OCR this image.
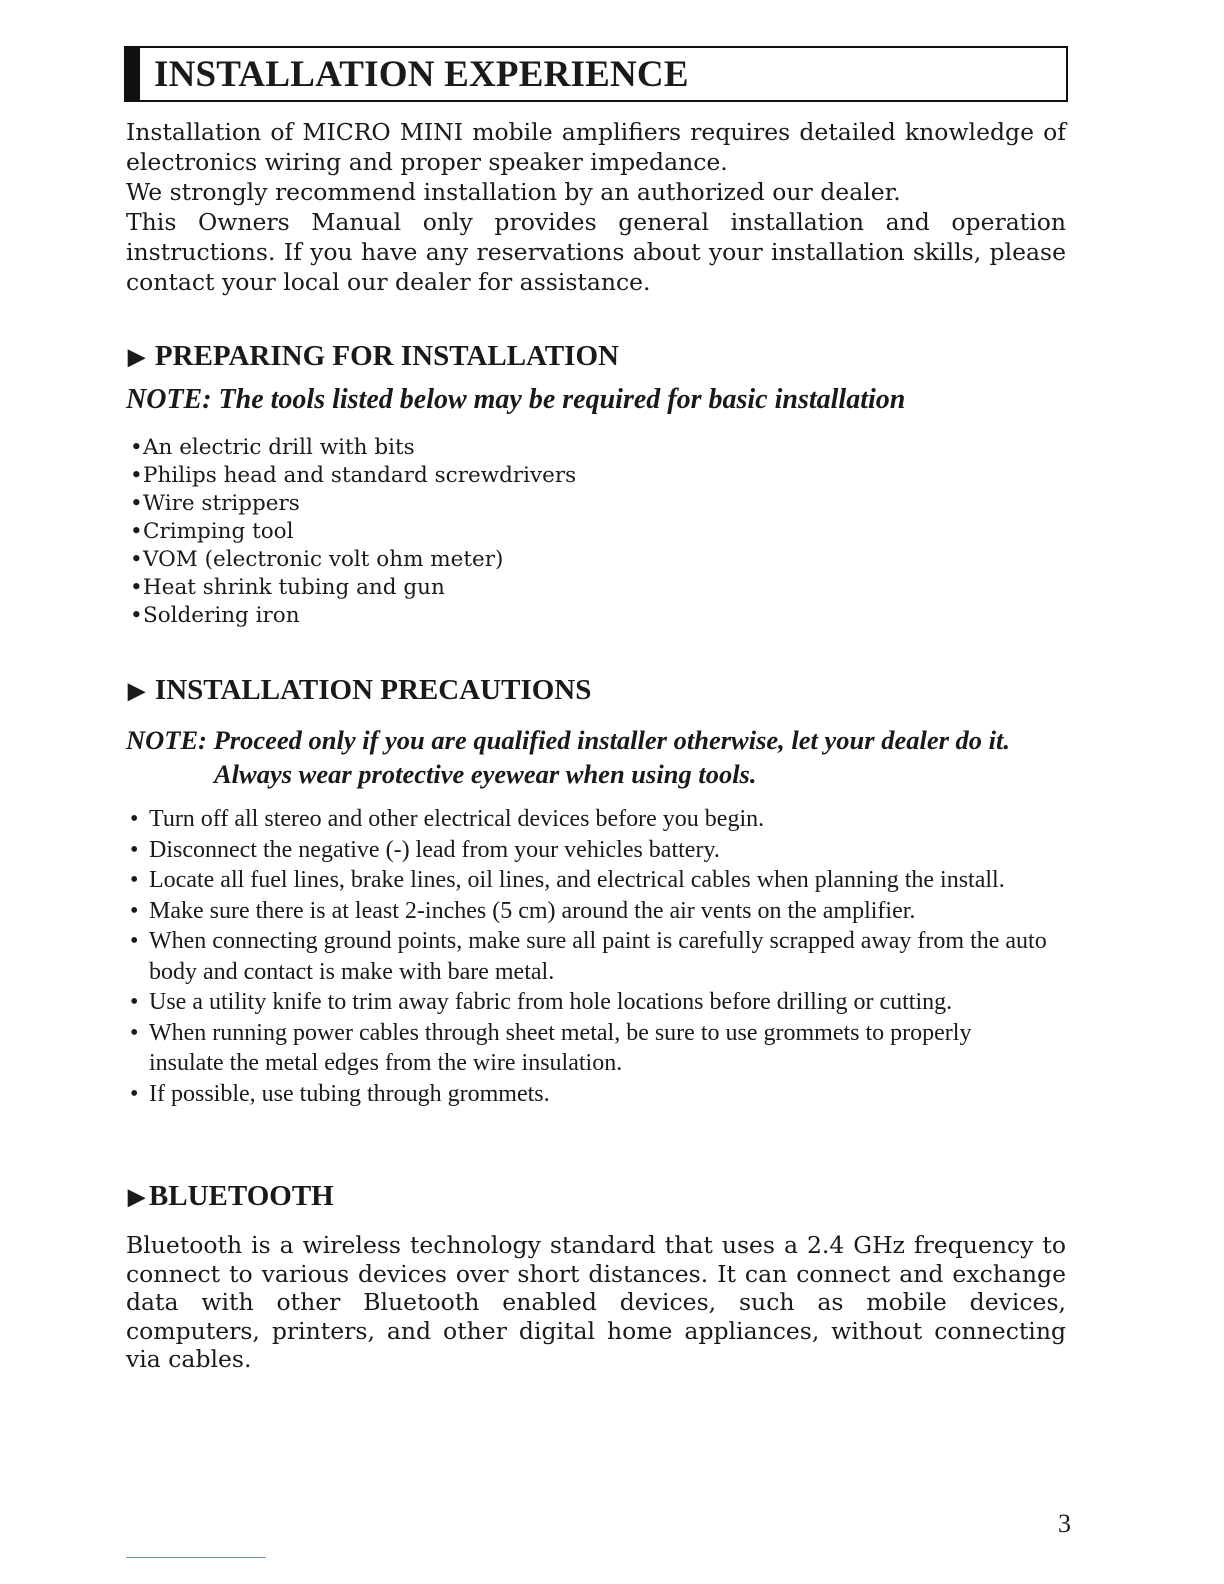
INSTALLATION EXPERIENCE

Installation of MICRO MINI mobile amplifiers requires detailed knowledge of electronics wiring and proper speaker impedance.

We strongly recommend installation by an authorized our dealer.

This Owners Manual only provides general installation and operation instructions. If you have any reservations about your installation skills, please contact your local our dealer for assistance.

▶ PREPARING FOR INSTALLATION
NOTE: The tools listed below may be required for basic installation
• An electric drill with bits
• Philips head and standard screwdrivers
• Wire strippers
• Crimping tool
• VOM (electronic volt ohm meter)
• Heat shrink tubing and gun
• Soldering iron
▶ INSTALLATION PRECAUTIONS
NOTE: Proceed only if you are qualified installer otherwise, let your dealer do it.
Always wear protective eyewear when using tools.
• Turn off all stereo and other electrical devices before you begin.
• Disconnect the negative (-) lead from your vehicles battery.
• Locate all fuel lines, brake lines, oil lines, and electrical cables when planning the install.
• Make sure there is at least 2-inches (5 cm) around the air vents on the amplifier.
• When connecting ground points, make sure all paint is carefully scrapped away from the auto body and contact is make with bare metal.
• Use a utility knife to trim away fabric from hole locations before drilling or cutting.
• When running power cables through sheet metal, be sure to use grommets to properly insulate the metal edges from the wire insulation.
• If possible, use tubing through grommets.
▶ BLUETOOTH

Bluetooth is a wireless technology standard that uses a 2.4 GHz frequency to connect to various devices over short distances. It can connect and exchange data with other Bluetooth enabled devices, such as mobile devices, computers, printers, and other digital home appliances, without connecting via cables.

3
